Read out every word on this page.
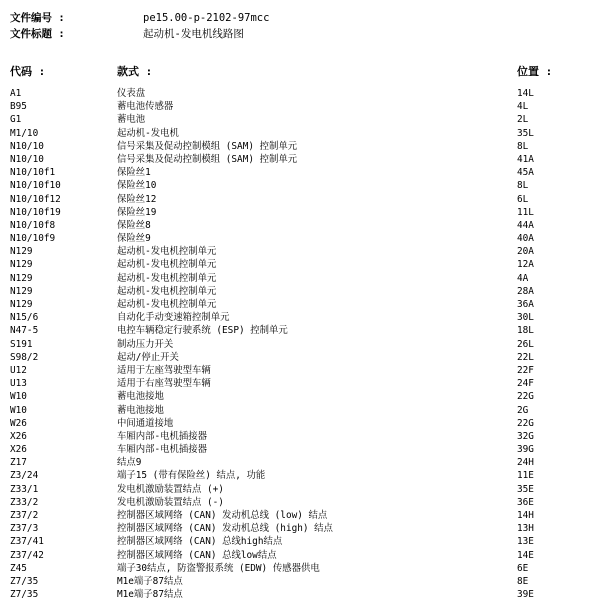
文件编号 :	pe15.00-p-2102-97mcc
文件标题 :	起动机-发电机线路图
代码 :	款式 :	位置 :
A1	仪表盘	14L
B95	蓄电池传感器	4L
G1	蓄电池	2L
M1/10	起动机-发电机	35L
N10/10	信号采集及促动控制模组 (SAM) 控制单元	8L
N10/10	信号采集及促动控制模组 (SAM) 控制单元	41A
N10/10f1	保险丝1	45A
N10/10f10	保险丝10	8L
N10/10f12	保险丝12	6L
N10/10f19	保险丝19	11L
N10/10f8	保险丝8	44A
N10/10f9	保险丝9	40A
N129	起动机-发电机控制单元	20A
N129	起动机-发电机控制单元	12A
N129	起动机-发电机控制单元	4A
N129	起动机-发电机控制单元	28A
N129	起动机-发电机控制单元	36A
N15/6	自动化手动变速箱控制单元	30L
N47-5	电控车辆稳定行驶系统 (ESP) 控制单元	18L
S191	制动压力开关	26L
S98/2	起动/停止开关	22L
U12	适用于左座驾驶型车辆	22F
U13	适用于右座驾驶型车辆	24F
W10	蓄电池接地	22G
W10	蓄电池接地	2G
W26	中间通道接地	22G
X26	车厢内部-电机插接器	32G
X26	车厢内部-电机插接器	39G
Z17	结点9	24H
Z3/24	端子15 (带有保险丝) 结点, 功能	11E
Z33/1	发电机激励装置结点 (+)	35E
Z33/2	发电机激励装置结点 (-)	36E
Z37/2	控制器区域网络 (CAN) 发动机总线 (low) 结点	14H
Z37/3	控制器区域网络 (CAN) 发动机总线 (high) 结点	13H
Z37/41	控制器区域网络 (CAN) 总线high结点	13E
Z37/42	控制器区域网络 (CAN) 总线low结点	14E
Z45	端子30结点, 防盗警报系统 (EDW) 传感器供电	6E
Z7/35	M1e端子87结点	8E
Z7/35	M1e端子87结点	39E
